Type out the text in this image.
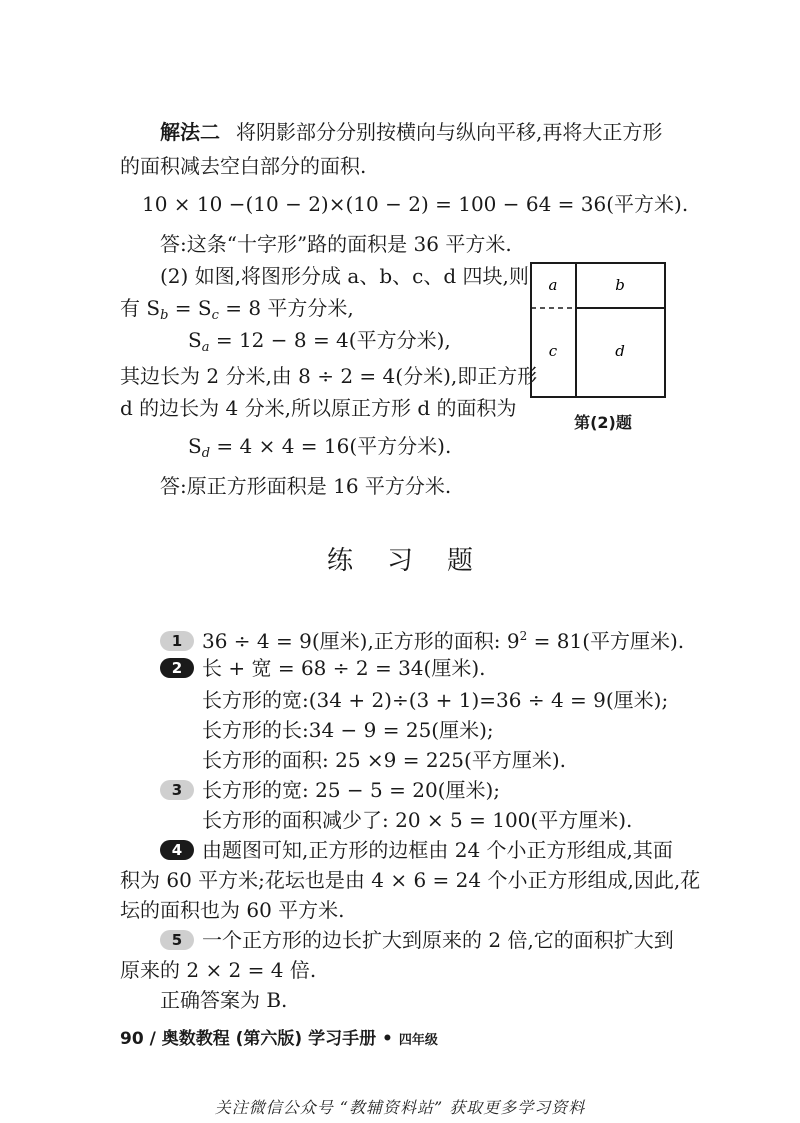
解法二 将阴影部分分别按横向与纵向平移,再将大正方形
的面积减去空白部分的面积.
10 × 10 −(10 − 2)×(10 − 2) = 100 − 64 = 36(平方米).
答:这条“十字形”路的面积是 36 平方米.
(2) 如图,将图形分成 a、b、c、d 四块,则
有 $S_b = S_c = 8$ 平方分米,
$S_a = 12 - 8 = 4$(平方分米),
其边长为 2 分米,由 8 ÷ 2 = 4(分米),即正方形
d 的边长为 4 分米,所以原正方形 d 的面积为
$S_d = 4 \times 4 = 16$(平方分米).
答:原正方形面积是 16 平方分米.
a	b
c	d
第(2)题
练习题
1 36 ÷ 4 = 9(厘米),正方形的面积: $9^2 = 81$(平方厘米).
2 长 + 宽 = 68 ÷ 2 = 34(厘米).
长方形的宽:(34 + 2)÷(3 + 1)=36 ÷ 4 = 9(厘米);
长方形的长:34 − 9 = 25(厘米);
长方形的面积: 25 ×9 = 225(平方厘米).
3 长方形的宽: 25 − 5 = 20(厘米);
长方形的面积减少了: 20 × 5 = 100(平方厘米).
4 由题图可知,正方形的边框由 24 个小正方形组成,其面
积为 60 平方米;花坛也是由 4 × 6 = 24 个小正方形组成,因此,花
坛的面积也为 60 平方米.
5 一个正方形的边长扩大到原来的 2 倍,它的面积扩大到
原来的 2 × 2 = 4 倍.
正确答案为 B.
90 / 奥数教程 (第六版) 学习手册 • 四年级
关注微信公众号 “教辅资料站” 获取更多学习资料
